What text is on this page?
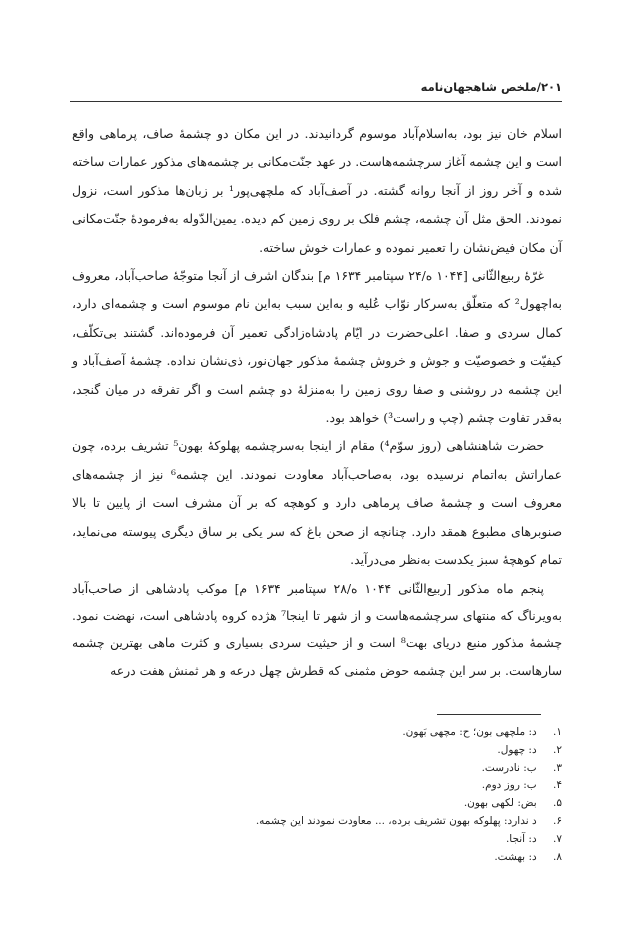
۲۰۱/ملخص شاهجهان‌نامه

اسلام خان نیز بود، به‌اسلام‌آباد موسوم گردانیدند. در این مکان دو چشمهٔ صاف، پرماهی واقع است و این چشمه آغاز سرچشمه‌هاست. در عهد جنّت‌مکانی بر چشمه‌های مذکور عمارات ساخته شده و آخر روز از آنجا روانه گشته. در آصف‌آباد که ملچهی‌پور¹ بر زبان‌ها مذکور است، نزول نمودند. الحق مثل آن چشمه، چشم فلک بر روی زمین کم دیده. یمین‌الدّوله به‌فرمودهٔ جنّت‌مکانی آن مکان فیض‌نشان را تعمیر نموده و عمارات خوش ساخته.

غرّهٔ ربیع‌الثّانی [۱۰۴۴ ه/۲۴ سپتامبر ۱۶۳۴ م] بندگان اشرف از آنجا متوجّهٔ صاحب‌آباد، معروف به‌اچهول² که متعلّق به‌سرکار نوّاب عُلیه و به‌این سبب به‌این نام موسوم است و چشمه‌ای دارد، کمال سردی و صفا. اعلی‌حضرت در ایّام پادشاه‌زادگی تعمیر آن فرموده‌اند. گشتند بی‌تکلّف، کیفیّت و خصوصیّت و جوش و خروش چشمهٔ مذکور جهان‌نور، ذی‌نشان نداده. چشمهٔ آصف‌آباد و این چشمه در روشنی و صفا روی زمین را به‌منزلهٔ دو چشم است و اگر تفرقه در میان گنجد، به‌قدر تفاوت چشم (چپ و راست³) خواهد بود.

حضرت شاهنشاهی (روز سوّم⁴) مقام از اینجا به‌سرچشمه پهلوکهٔ بهون⁵ تشریف برده، چون عماراتش به‌اتمام نرسیده بود، به‌صاحب‌آباد معاودت نمودند. این چشمه⁶ نیز از چشمه‌های معروف است و چشمهٔ صاف پرماهی دارد و کوهچه که بر آن مشرف است از پایین تا بالا صنوبرهای مطبوع همقد دارد. چنانچه از صحن باغ که سر یکی بر ساق دیگری پیوسته می‌نماید، تمام کوهچهٔ سبز یکدست به‌نظر می‌درآید.

پنجم ماه مذکور [ربیع‌الثّانی ۱۰۴۴ ه/۲۸ سپتامبر ۱۶۳۴ م] موکب پادشاهی از صاحب‌آباد به‌ویرناگ که منتهای سرچشمه‌هاست و از شهر تا اینجا⁷ هژده کروه پادشاهی است، نهضت نمود. چشمهٔ مذکور منبع دریای بهت⁸ است و از حیثیت سردی بسیاری و کثرت ماهی بهترین چشمه سارهاست. بر سر این چشمه حوض مثمنی که قطرش چهل درعه و هر ثمنش هفت درعه

۱. د: ملچهی بون؛ ح: مچهی بَهون.
۲. د: چهول.
۳. ب: نادرست.
۴. ب: روز دوم.
۵. بض: لکهی بهون.
۶. د ندارد: پهلوکه بهون تشریف برده، ... معاودت نمودند این چشمه.
۷. د: آنجا.
۸. د: بهشت.
